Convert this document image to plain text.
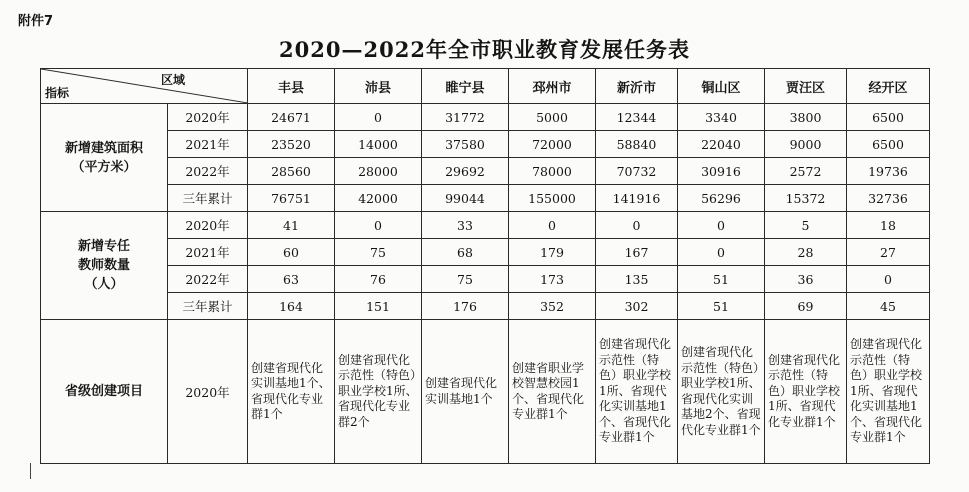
附件7
2020—2022年全市职业教育发展任务表
区域
指标		丰县	沛县	睢宁县	邳州市	新沂市	铜山区	贾汪区	经开区

新增建筑面积
（平方米）	2020年	24671	0	31772	5000	12344	3340	3800	6500
	2021年	23520	14000	37580	72000	58840	22040	9000	6500
	2022年	28560	28000	29692	78000	70732	30916	2572	19736
	三年累计	76751	42000	99044	155000	141916	56296	15372	32736

新增专任
教师数量
（人）	2020年	41	0	33	0	0	0	5	18
	2021年	60	75	68	179	167	0	28	27
	2022年	63	76	75	173	135	51	36	0
	三年累计	164	151	176	352	302	51	69	45
省级创建项目	2020年	创建省现代化实训基地1个、省现代化专业群1个	创建省现代化示范性（特色）职业学校1所、省现代化专业群2个	创建省现代化实训基地1个	创建省职业学校智慧校园1个、省现代化专业群1个	创建省现代化示范性（特色）职业学校1所、省现代化实训基地1个、省现代化专业群1个	创建省现代化示范性（特色）职业学校1所、省现代化实训基地2个、省现代化专业群1个	创建省现代化示范性（特色）职业学校1所、省现代化专业群1个	创建省现代化示范性（特色）职业学校1所、省现代化实训基地1个、省现代化专业群1个
